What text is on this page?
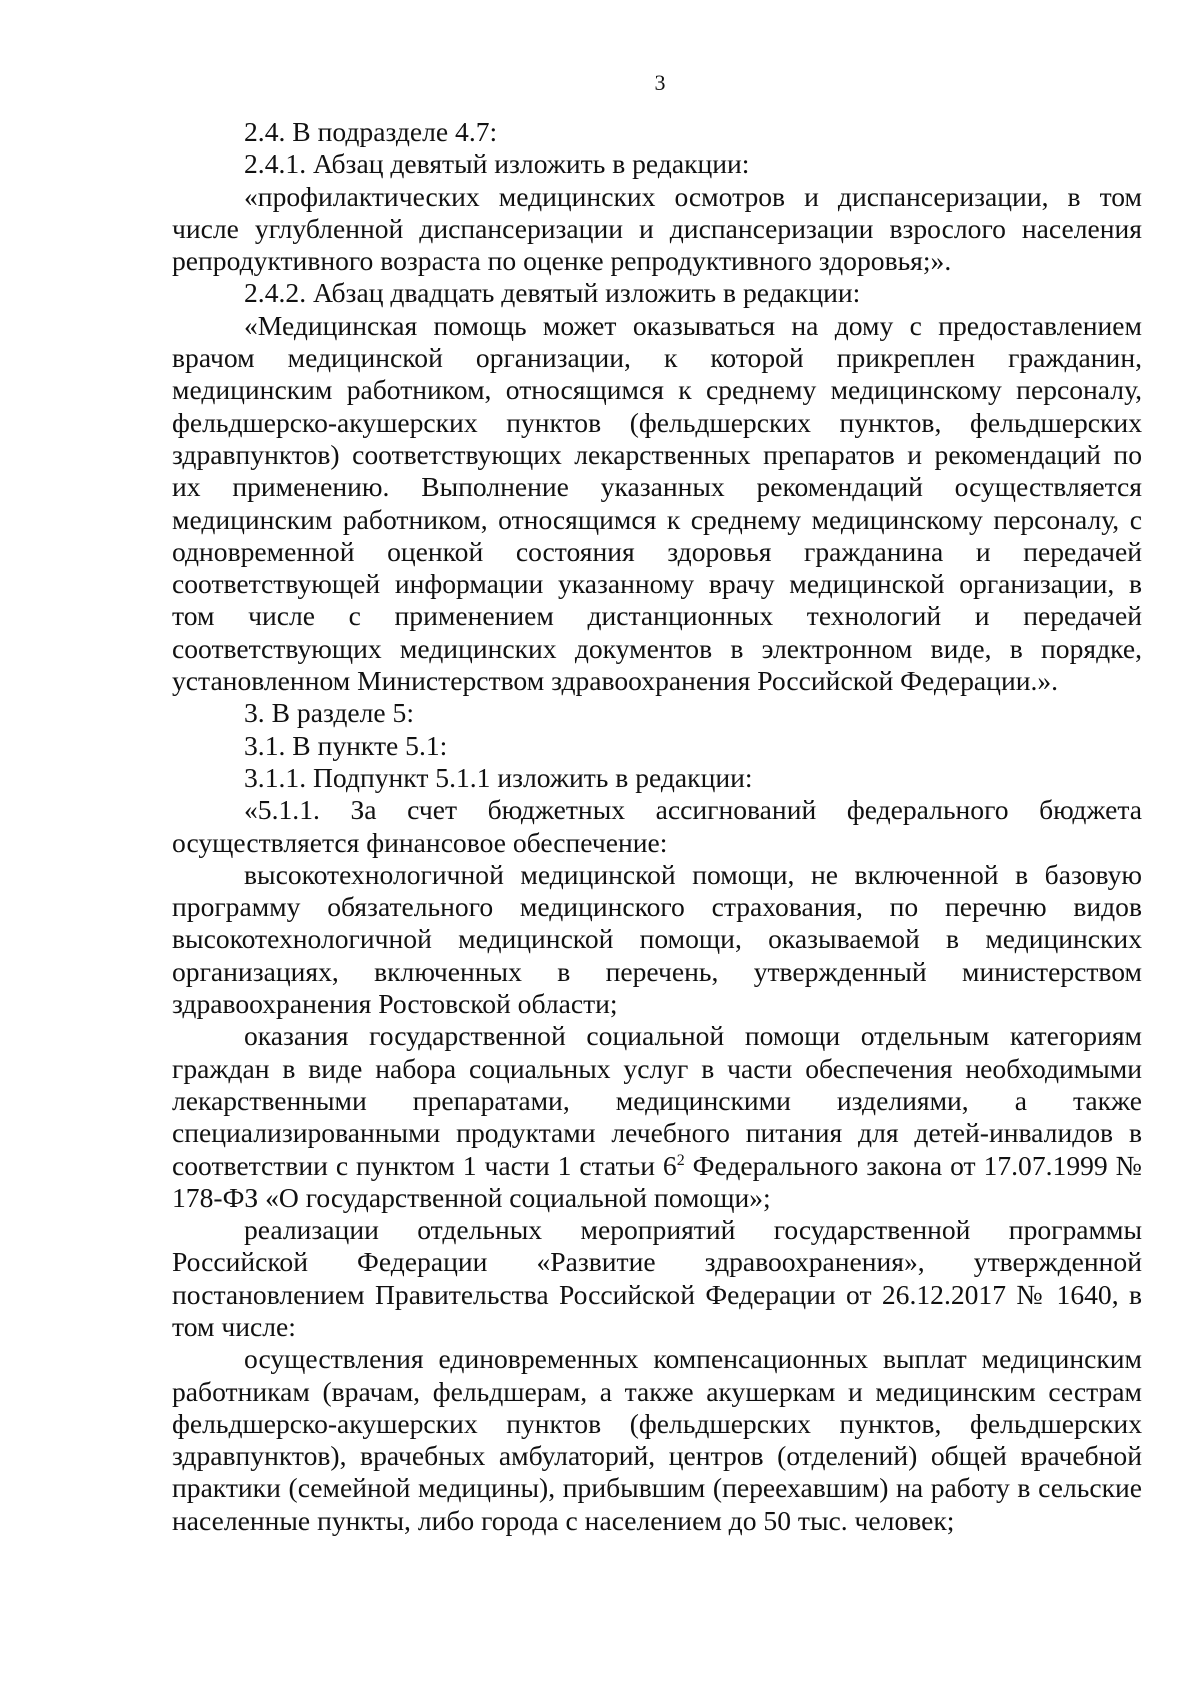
3

2.4. В подразделе 4.7:

2.4.1. Абзац девятый изложить в редакции:

«профилактических медицинских осмотров и диспансеризации, в том числе углубленной диспансеризации и диспансеризации взрослого населения репродуктивного возраста по оценке репродуктивного здоровья;».

2.4.2. Абзац двадцать девятый изложить в редакции:

«Медицинская помощь может оказываться на дому с предоставлением врачом медицинской организации, к которой прикреплен гражданин, медицинским работником, относящимся к среднему медицинскому персоналу, фельдшерско-акушерских пунктов (фельдшерских пунктов, фельдшерских здравпунктов) соответствующих лекарственных препаратов и рекомендаций по их применению. Выполнение указанных рекомендаций осуществляется медицинским работником, относящимся к среднему медицинскому персоналу, с одновременной оценкой состояния здоровья гражданина и передачей соответствующей информации указанному врачу медицинской организации, в том числе с применением дистанционных технологий и передачей соответствующих медицинских документов в электронном виде, в порядке, установленном Министерством здравоохранения Российской Федерации.».

3. В разделе 5:

3.1. В пункте 5.1:

3.1.1. Подпункт 5.1.1 изложить в редакции:

«5.1.1. За счет бюджетных ассигнований федерального бюджета осуществляется финансовое обеспечение:

высокотехнологичной медицинской помощи, не включенной в базовую программу обязательного медицинского страхования, по перечню видов высокотехнологичной медицинской помощи, оказываемой в медицинских организациях, включенных в перечень, утвержденный министерством здравоохранения Ростовской области;

оказания государственной социальной помощи отдельным категориям граждан в виде набора социальных услуг в части обеспечения необходимыми лекарственными препаратами, медицинскими изделиями, а также специализированными продуктами лечебного питания для детей-инвалидов в соответствии с пунктом 1 части 1 статьи $6^2$ Федерального закона от 17.07.1999 № 178-ФЗ «О государственной социальной помощи»;

реализации отдельных мероприятий государственной программы Российской Федерации «Развитие здравоохранения», утвержденной постановлением Правительства Российской Федерации от 26.12.2017 № 1640, в том числе:

осуществления единовременных компенсационных выплат медицинским работникам (врачам, фельдшерам, а также акушеркам и медицинским сестрам фельдшерско-акушерских пунктов (фельдшерских пунктов, фельдшерских здравпунктов), врачебных амбулаторий, центров (отделений) общей врачебной практики (семейной медицины), прибывшим (переехавшим) на работу в сельские населенные пункты, либо города с населением до 50 тыс. человек;
